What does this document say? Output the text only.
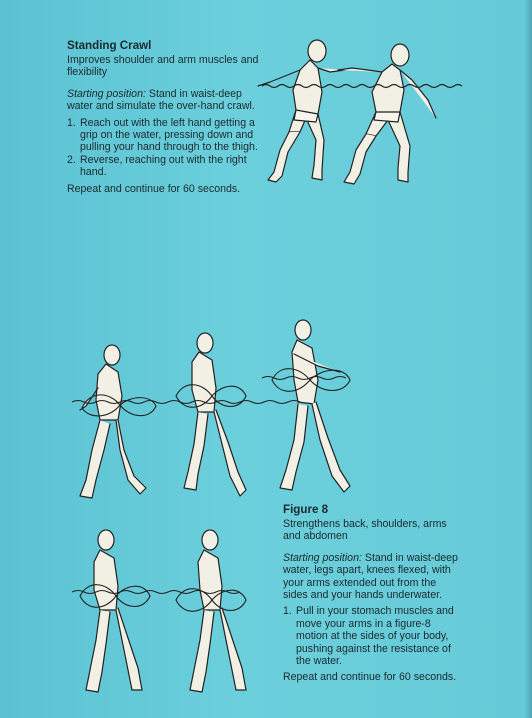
Standing Crawl

Improves shoulder and arm muscles and flexibility

Starting position: Stand in waist-deep water and simulate the over-hand crawl.

1. Reach out with the left hand getting a grip on the water, pressing down and pulling your hand through to the thigh.
2. Reverse, reaching out with the right hand.

Repeat and continue for 60 seconds.

Figure 8

Strengthens back, shoulders, arms and abdomen

Starting position: Stand in waist-deep water, legs apart, knees flexed, with your arms extended out from the sides and your hands underwater.

1. Pull in your stomach muscles and move your arms in a figure-8 motion at the sides of your body, pushing against the resistance of the water.

Repeat and continue for 60 seconds.
